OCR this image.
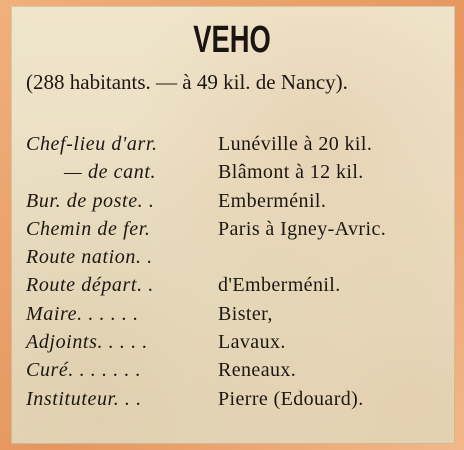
VEHO
(288 habitants. — à 49 kil. de Nancy).
Chef-lieu d'arr.	Lunéville à 20 kil.
— de cant.	Blâmont à 12 kil.
Bur. de poste. .	Emberménil.
Chemin de fer.	Paris à Igney-Avric.
Route nation. .
Route départ. .	d'Emberménil.
Maire. . . . . .	Bister,
Adjoints. . . . .	Lavaux.
Curé. . . . . . .	Reneaux.
Instituteur. . .	Pierre (Edouard).
